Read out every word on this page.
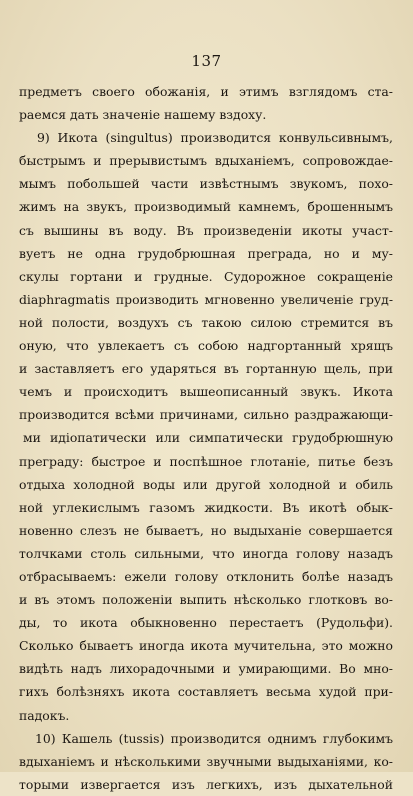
137
предметъ своего обожанія, и этимъ взглядомъ ста-
раемся дать значеніе нашему вздоху.
9) Икота (singultus) производится конвульсивнымъ,
быстрымъ и прерывистымъ вдыханіемъ, сопровождае-
мымъ побольшей части извѣстнымъ звукомъ, похо-
жимъ на звукъ, производимый камнемъ, брошеннымъ
съ вышины въ воду. Въ произведеніи икоты участ-
вуетъ не одна грудобрюшная преграда, но и му-
скулы гортани и грудные. Судорожное сокращеніе
diaphragmatis производить мгновенно увеличеніе груд-
ной полости, воздухъ съ такою силою стремится въ
оную, что увлекаетъ съ собою надгортанный хрящъ
и заставляетъ его ударяться въ гортанную щель, при
чемъ и происходитъ вышеописанный звукъ. Икота
производится всѣми причинами, сильно раздражающи-
ми идіопатически или симпатически грудобрюшную
преграду: быстрое и поспѣшное глотаніе, питье безъ
отдыха холодной воды или другой холодной и обиль
ной углекислымъ газомъ жидкости. Въ икотѣ обык-
новенно слезъ не бываетъ, но выдыханіе совершается
толчками столь сильными, что иногда голову назадъ
отбрасываемъ: ежели голову отклонить болѣе назадъ
и въ этомъ положеніи выпить нѣсколько глотковъ во-
ды, то икота обыкновенно перестаетъ (Рудольфи).
Сколько бываетъ иногда икота мучительна, это можно
видѣть надъ лихорадочными и умирающими. Во мно-
гихъ болѣзняхъ икота составляетъ весьма худой при-
падокъ.
10) Кашель (tussis) производится однимъ глубокимъ
вдыханіемъ и нѣсколькими звучными выдыханіями, ко-
торыми извергается изъ легкихъ, изъ дыхательной
